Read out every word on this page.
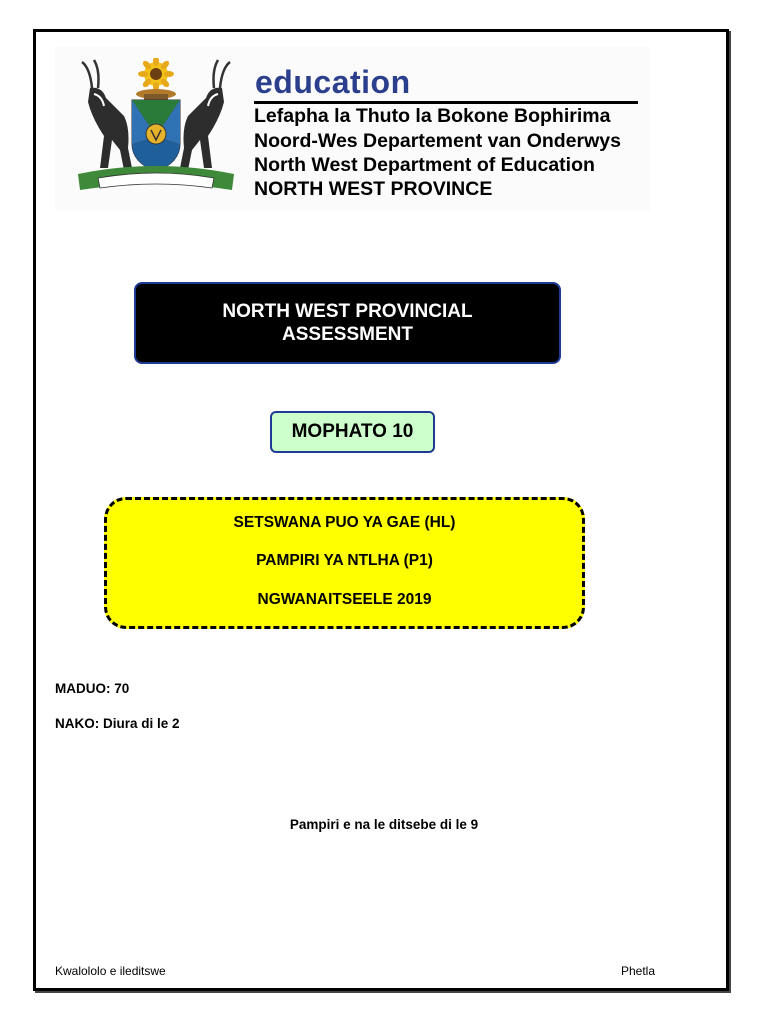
education
Lefapha la Thuto la Bokone Bophirima
Noord-Wes Departement van Onderwys
North West Department of Education
NORTH WEST PROVINCE
NORTH WEST PROVINCIAL
ASSESSMENT
MOPHATO 10
SETSWANA PUO YA GAE (HL)
PAMPIRI YA NTLHA (P1)
NGWANAITSEELE 2019
MADUO: 70
NAKO: Diura di le 2
Pampiri e na le ditsebe di le 9
Kwalololo e ileditswe	Phetla
